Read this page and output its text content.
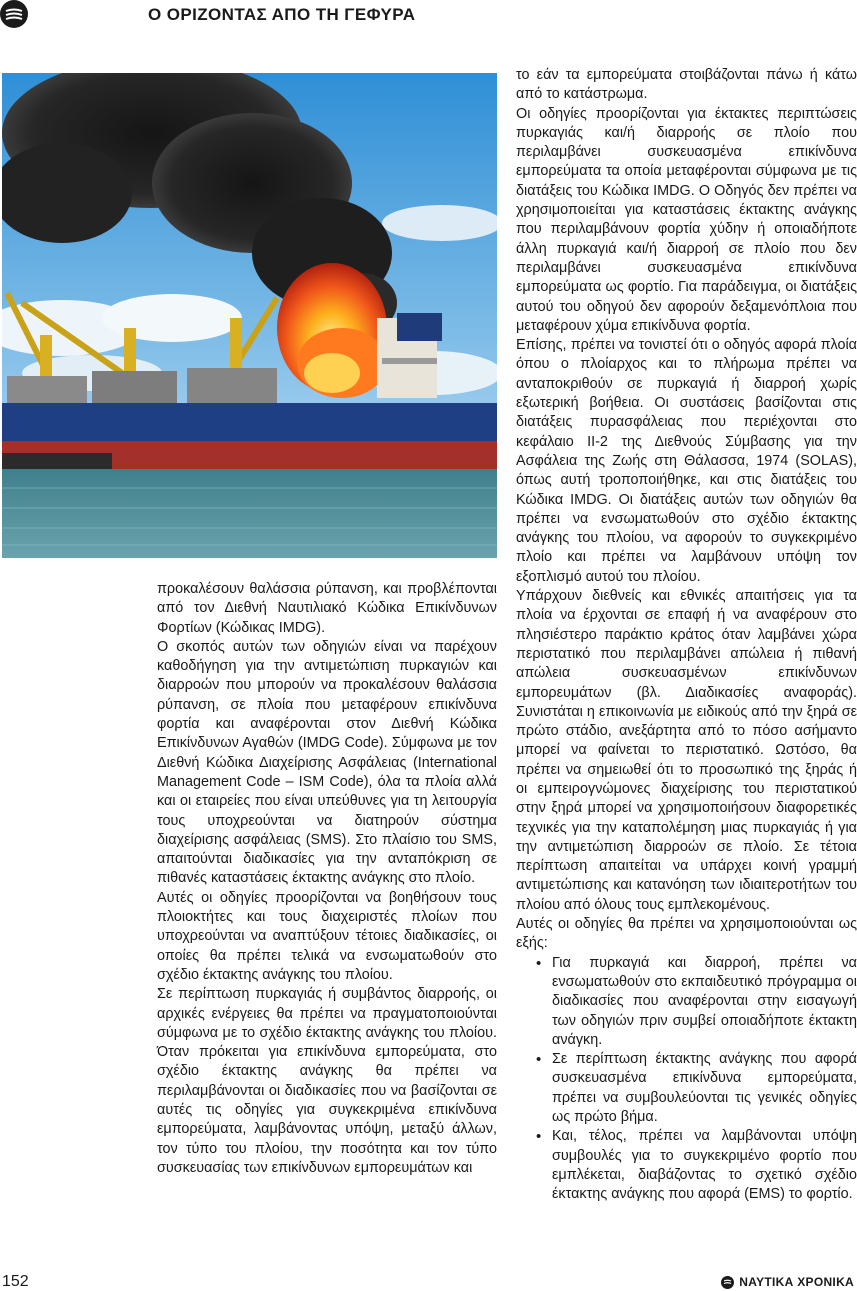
Ο ΟΡΙΖΟΝΤΑΣ ΑΠΟ ΤΗ ΓΕΦΥΡΑ

προκαλέσουν θαλάσσια ρύπανση, και προβλέπονται από τον Διεθνή Ναυτιλιακό Κώδικα Επικίνδυνων Φορτίων (Κώδικας IMDG).

Ο σκοπός αυτών των οδηγιών είναι να παρέχουν καθοδήγηση για την αντιμετώπιση πυρκαγιών και διαρροών που μπορούν να προκαλέσουν θαλάσσια ρύπανση, σε πλοία που μεταφέρουν επικίνδυνα φορτία και αναφέρονται στον Διεθνή Κώδικα Επικίνδυνων Αγαθών (IMDG Code). Σύμφωνα με τον Διεθνή Κώδικα Διαχείρισης Ασφάλειας (International Management Code – ISM Code), όλα τα πλοία αλλά και οι εταιρείες που είναι υπεύθυνες για τη λειτουργία τους υποχρεούνται να διατηρούν σύστημα διαχείρισης ασφάλειας (SMS). Στο πλαίσιο του SMS, απαιτούνται διαδικασίες για την ανταπόκριση σε πιθανές καταστάσεις έκτακτης ανάγκης στο πλοίο.

Αυτές οι οδηγίες προορίζονται να βοηθήσουν τους πλοιοκτήτες και τους διαχειριστές πλοίων που υποχρεούνται να αναπτύξουν τέτοιες διαδικασίες, οι οποίες θα πρέπει τελικά να ενσωματωθούν στο σχέδιο έκτακτης ανάγκης του πλοίου.

Σε περίπτωση πυρκαγιάς ή συμβάντος διαρροής, οι αρχικές ενέργειες θα πρέπει να πραγματοποιούνται σύμφωνα με το σχέδιο έκτακτης ανάγκης του πλοίου. Όταν πρόκειται για επικίνδυνα εμπορεύματα, στο σχέδιο έκτακτης ανάγκης θα πρέπει να περιλαμβάνονται οι διαδικασίες που να βασίζονται σε αυτές τις οδηγίες για συγκεκριμένα επικίνδυνα εμπορεύματα, λαμβάνοντας υπόψη, μεταξύ άλλων, τον τύπο του πλοίου, την ποσότητα και τον τύπο συσκευασίας των επικίνδυνων εμπορευμάτων και

το εάν τα εμπορεύματα στοιβάζονται πάνω ή κάτω από το κατάστρωμα.

Οι οδηγίες προορίζονται για έκτακτες περιπτώσεις πυρκαγιάς και/ή διαρροής σε πλοίο που περιλαμβάνει συσκευασμένα επικίνδυνα εμπορεύματα τα οποία μεταφέρονται σύμφωνα με τις διατάξεις του Κώδικα IMDG. Ο Οδηγός δεν πρέπει να χρησιμοποιείται για καταστάσεις έκτακτης ανάγκης που περιλαμβάνουν φορτία χύδην ή οποιαδήποτε άλλη πυρκαγιά και/ή διαρροή σε πλοίο που δεν περιλαμβάνει συσκευασμένα επικίνδυνα εμπορεύματα ως φορτίο. Για παράδειγμα, οι διατάξεις αυτού του οδηγού δεν αφορούν δεξαμενόπλοια που μεταφέρουν χύμα επικίνδυνα φορτία.

Επίσης, πρέπει να τονιστεί ότι ο οδηγός αφορά πλοία όπου ο πλοίαρχος και το πλήρωμα πρέπει να ανταποκριθούν σε πυρκαγιά ή διαρροή χωρίς εξωτερική βοήθεια. Οι συστάσεις βασίζονται στις διατάξεις πυρασφάλειας που περιέχονται στο κεφάλαιο II-2 της Διεθνούς Σύμβασης για την Ασφάλεια της Ζωής στη Θάλασσα, 1974 (SOLAS), όπως αυτή τροποποιήθηκε, και στις διατάξεις του Κώδικα IMDG. Οι διατάξεις αυτών των οδηγιών θα πρέπει να ενσωματωθούν στο σχέδιο έκτακτης ανάγκης του πλοίου, να αφορούν το συγκεκριμένο πλοίο και πρέπει να λαμβάνουν υπόψη τον εξοπλισμό αυτού του πλοίου.

Υπάρχουν διεθνείς και εθνικές απαιτήσεις για τα πλοία να έρχονται σε επαφή ή να αναφέρουν στο πλησιέστερο παράκτιο κράτος όταν λαμβάνει χώρα περιστατικό που περιλαμβάνει απώλεια ή πιθανή απώλεια συσκευασμένων επικίνδυνων εμπορευμάτων (βλ. Διαδικασίες αναφοράς). Συνιστάται η επικοινωνία με ειδικούς από την ξηρά σε πρώτο στάδιο, ανεξάρτητα από το πόσο ασήμαντο μπορεί να φαίνεται το περιστατικό. Ωστόσο, θα πρέπει να σημειωθεί ότι το προσωπικό της ξηράς ή οι εμπειρογνώμονες διαχείρισης του περιστατικού στην ξηρά μπορεί να χρησιμοποιήσουν διαφορετικές τεχνικές για την καταπολέμηση μιας πυρκαγιάς ή για την αντιμετώπιση διαρροών σε πλοίο. Σε τέτοια περίπτωση απαιτείται να υπάρχει κοινή γραμμή αντιμετώπισης και κατανόηση των ιδιαιτεροτήτων του πλοίου από όλους τους εμπλεκομένους.

Αυτές οι οδηγίες θα πρέπει να χρησιμοποιούνται ως εξής:

• Για πυρκαγιά και διαρροή, πρέπει να ενσωματωθούν στο εκπαιδευτικό πρόγραμμα οι διαδικασίες που αναφέρονται στην εισαγωγή των οδηγιών πριν συμβεί οποιαδήποτε έκτακτη ανάγκη.
• Σε περίπτωση έκτακτης ανάγκης που αφορά συσκευασμένα επικίνδυνα εμπορεύματα, πρέπει να συμβουλεύονται τις γενικές οδηγίες ως πρώτο βήμα.
• Και, τέλος, πρέπει να λαμβάνονται υπόψη συμβουλές για το συγκεκριμένο φορτίο που εμπλέκεται, διαβάζοντας το σχετικό σχέδιο έκτακτης ανάγκης που αφορά (EMS) το φορτίο.
152	ΝΑΥΤΙΚΑ ΧΡΟΝΙΚΑ
